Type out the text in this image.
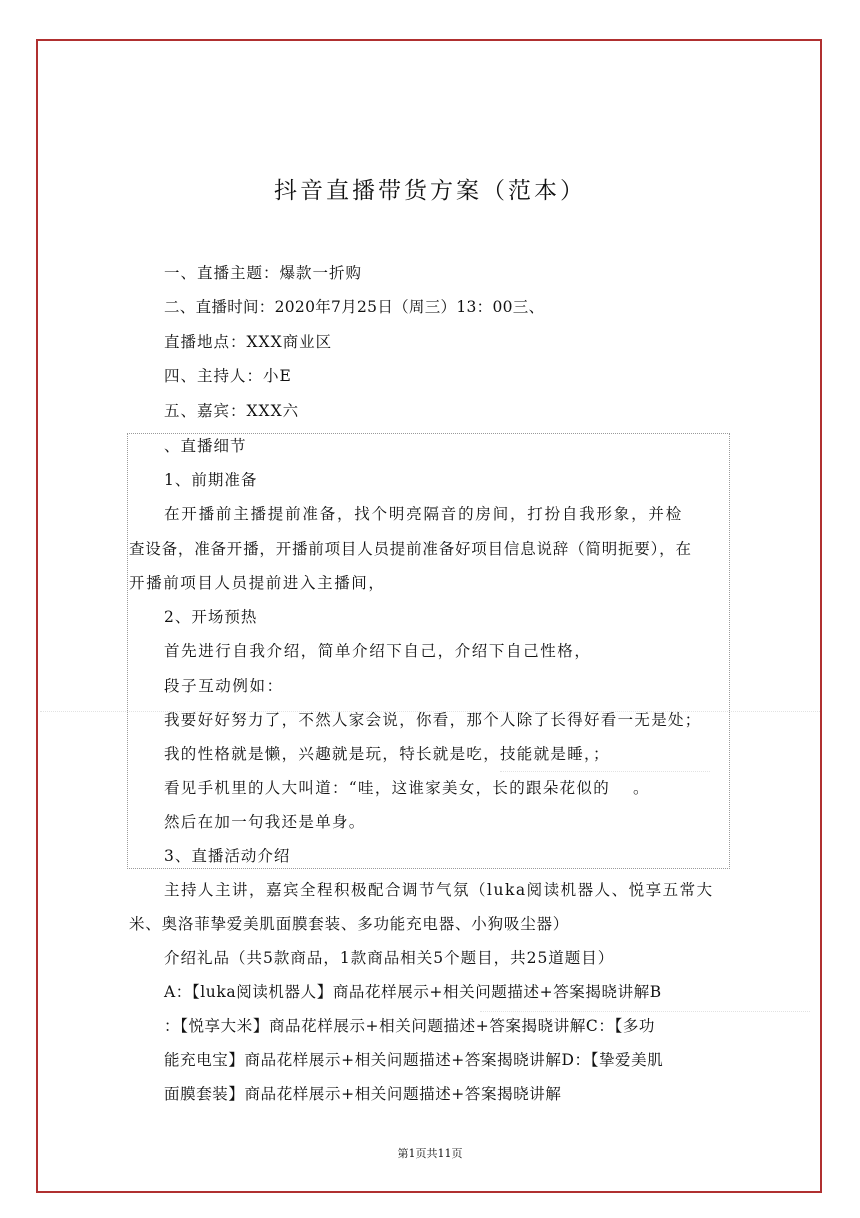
抖音直播带货方案（范本）
一、直播主题：爆款一折购
二、直播时间：2020年7月25日（周三）13：00三、
直播地点：XXX商业区
四、主持人：小E
五、嘉宾：XXX六
、直播细节
1、前期准备
在开播前主播提前准备，找个明亮隔音的房间，打扮自我形象，并检
查设备，准备开播，开播前项目人员提前准备好项目信息说辞（简明扼要），在
开播前项目人员提前进入主播间，
2、开场预热
首先进行自我介绍，简单介绍下自己，介绍下自己性格，
段子互动例如：
我要好好努力了，不然人家会说，你看，那个人除了长得好看一无是处；
我的性格就是懒，兴趣就是玩，特长就是吃，技能就是睡，；
看见手机里的人大叫道：“哇，这谁家美女，长的跟朵花似的　 。
然后在加一句我还是单身。
3、直播活动介绍
主持人主讲，嘉宾全程积极配合调节气氛（luka阅读机器人、悦享五常大
米、奥洛菲挚爱美肌面膜套装、多功能充电器、小狗吸尘器）
介绍礼品（共5款商品，1款商品相关5个题目，共25道题目）
A：【luka阅读机器人】商品花样展示+相关问题描述+答案揭晓讲解B
：【悦享大米】商品花样展示+相关问题描述+答案揭晓讲解C：【多功
能充电宝】商品花样展示+相关问题描述+答案揭晓讲解D：【挚爱美肌
面膜套装】商品花样展示+相关问题描述+答案揭晓讲解
第1页共11页
